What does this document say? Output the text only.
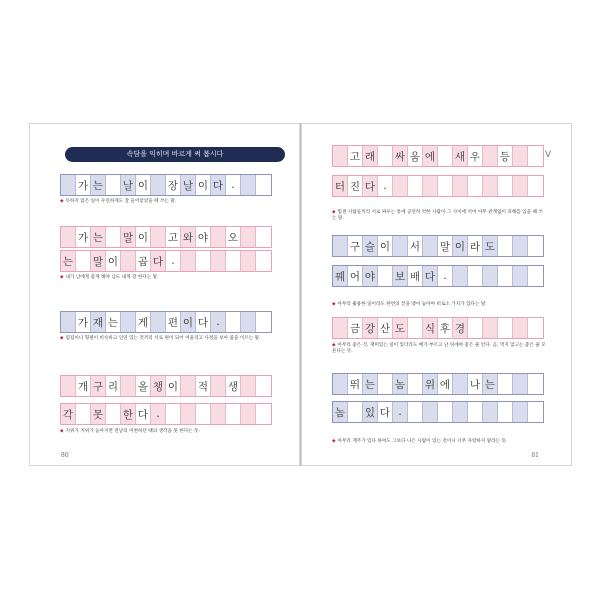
속담을 익히며 바르게 써 봅시다
가 는 날 이 장 날 이 다 .
◆ 뜻하지 않은 일이 우연하게도 잘 들어맞았을 때 쓰는 말.
가 는 말 이 고 와 야 오
는 말 이 곱 다 .
◆ 내가 남에게 좋게 해야 남도 내게 잘 한다는 말.
가 재 는 게 편 이 다 .
◆ 됨됨이나 형편이 비슷하고 인연 있는 것끼리 서로 편이 되어 어울리고 사정을 보아 줌을 이르는 말.
개 구 리 올 챙 이 적 생
각 못 한 다 .
◆ 지위가 지위가 높아지면 전날의 미천하던 때의 생각을 못 한다는 뜻.
80
고 래 싸 움 에 새 우 등	V
터 진 다 .
◆ 힘센 사람들끼리 서로 싸우는 통에 공연히 약한 사람이 그 사이에 끼여 아무 관계없이 피해를 입을 때 쓰는 말.
구 슬 이 서 말 이 라 도
꿰 어 야 보 배 다 .
◆ 아무리 훌륭한 일이라도 한번의 끝을 맺어 놓아야 비로소 가치가 있다는 말.
금 강 산 도 식 후 경
◆ 아무리 좋은 것, 재미있는 일이 있더라도 배가 부르고 난 뒤에야 좋은 줄 안다. 곧, 먹지 않고는 좋은 줄 모른다는 뜻.
뛰 는 놈 위 에 나 는
놈 있 다 .
◆ 아무리 재주가 있다 하여도 그보다 나은 사람이 있는 것이니 너무 자랑하지 말라는 뜻.
81
